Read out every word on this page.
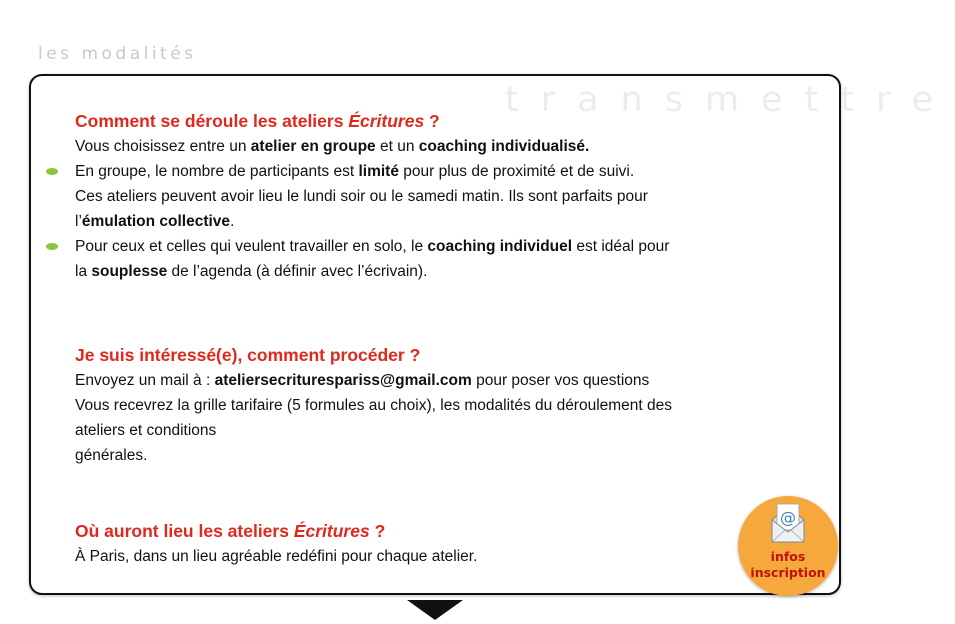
les modalités
transmettre
Comment se déroule les ateliers Écritures ?

Vous choisissez entre un atelier en groupe et un coaching individualisé.

En groupe, le nombre de participants est limité pour plus de proximité et de suivi.

Ces ateliers peuvent avoir lieu le lundi soir ou le samedi matin. Ils sont parfaits pour

l’émulation collective.

Pour ceux et celles qui veulent travailler en solo, le coaching individuel est idéal pour

la souplesse de l’agenda (à définir avec l’écrivain).

Je suis intéressé(e), comment procéder ?

Envoyez un mail à : ateliersecriturespariss@gmail.com pour poser vos questions

Vous recevrez la grille tarifaire (5 formules au choix), les modalités du déroulement des

ateliers et conditions

générales.

Où auront lieu les ateliers Écritures ?

À Paris, dans un lieu agréable redéfini pour chaque atelier.

@
infos
inscription
